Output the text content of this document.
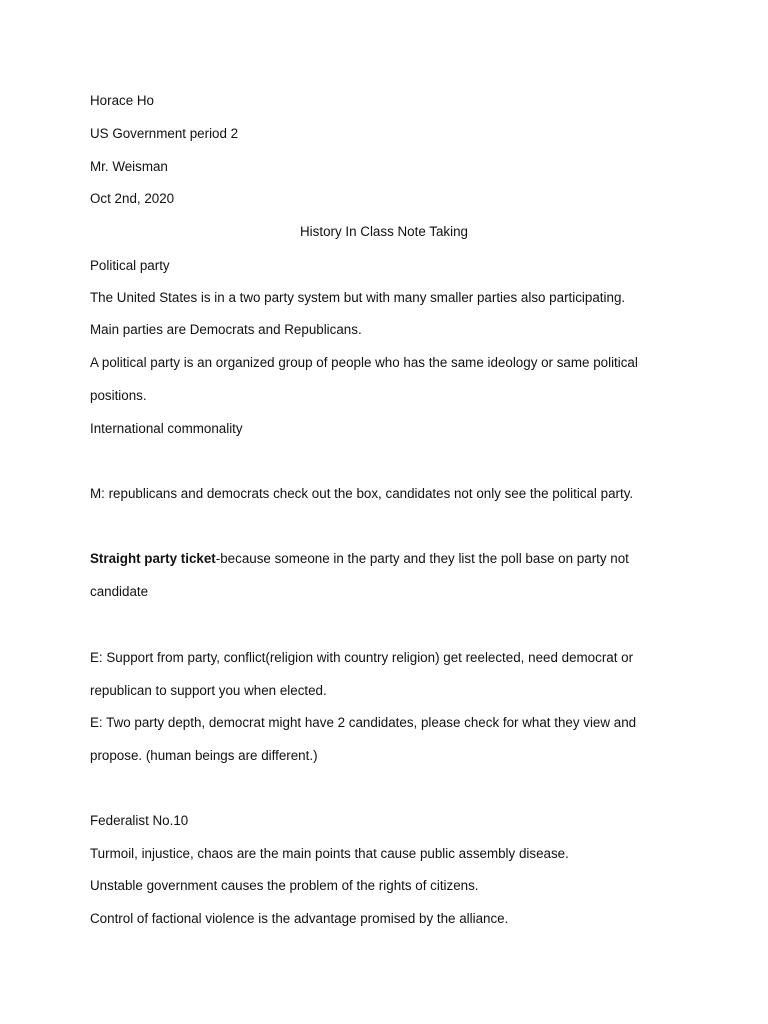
Horace Ho
US Government period 2
Mr. Weisman
Oct 2nd, 2020
History In Class Note Taking
Political party
The United States is in a two party system but with many smaller parties also participating.
Main parties are Democrats and Republicans.
A political party is an organized group of people who has the same ideology or same political
positions.
International commonality
M: republicans and democrats check out the box, candidates not only see the political party.
Straight party ticket-because someone in the party and they list the poll base on party not
candidate
E: Support from party, conflict(religion with country religion) get reelected, need democrat or
republican to support you when elected.
E: Two party depth, democrat might have 2 candidates, please check for what they view and
propose. (human beings are different.)
Federalist No.10
Turmoil, injustice, chaos are the main points that cause public assembly disease.
Unstable government causes the problem of the rights of citizens.
Control of factional violence is the advantage promised by the alliance.
